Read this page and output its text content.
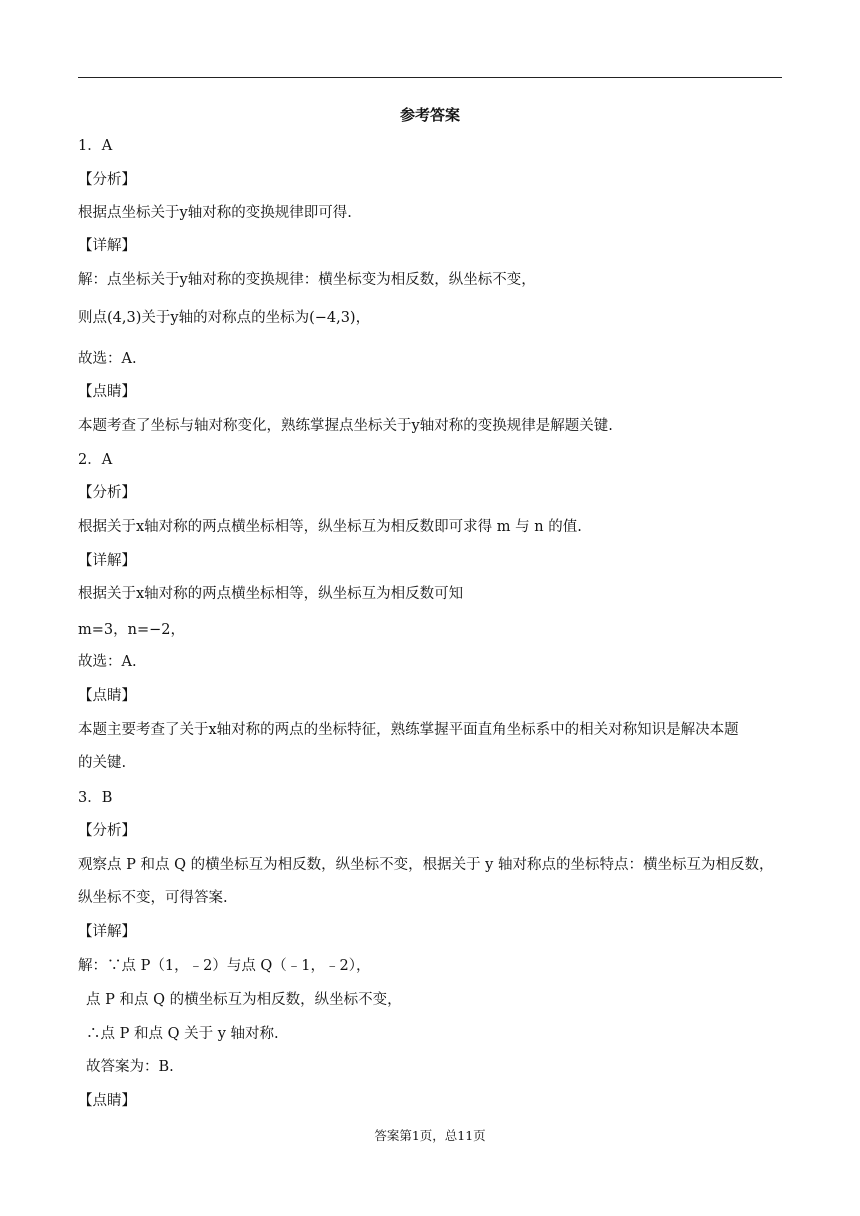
参考答案
1．A
【分析】
根据点坐标关于y轴对称的变换规律即可得.
【详解】
解：点坐标关于y轴对称的变换规律：横坐标变为相反数，纵坐标不变，
则点(4,3)关于y轴的对称点的坐标为(−4,3)，
故选：A.
【点睛】
本题考查了坐标与轴对称变化，熟练掌握点坐标关于y轴对称的变换规律是解题关键.
2．A
【分析】
根据关于x轴对称的两点横坐标相等，纵坐标互为相反数即可求得 m 与 n 的值.
【详解】
根据关于x轴对称的两点横坐标相等，纵坐标互为相反数可知
m=3，n=−2，
故选：A.
【点睛】
本题主要考查了关于x轴对称的两点的坐标特征，熟练掌握平面直角坐标系中的相关对称知识是解决本题
的关键.
3．B
【分析】
观察点 P 和点 Q 的横坐标互为相反数，纵坐标不变，根据关于 y 轴对称点的坐标特点：横坐标互为相反数，
纵坐标不变，可得答案.
【详解】
解：∵点 P（1，﹣2）与点 Q（﹣1，﹣2），
点 P 和点 Q 的横坐标互为相反数，纵坐标不变，
∴点 P 和点 Q 关于 y 轴对称.
故答案为：B.
【点睛】
答案第1页，总11页
